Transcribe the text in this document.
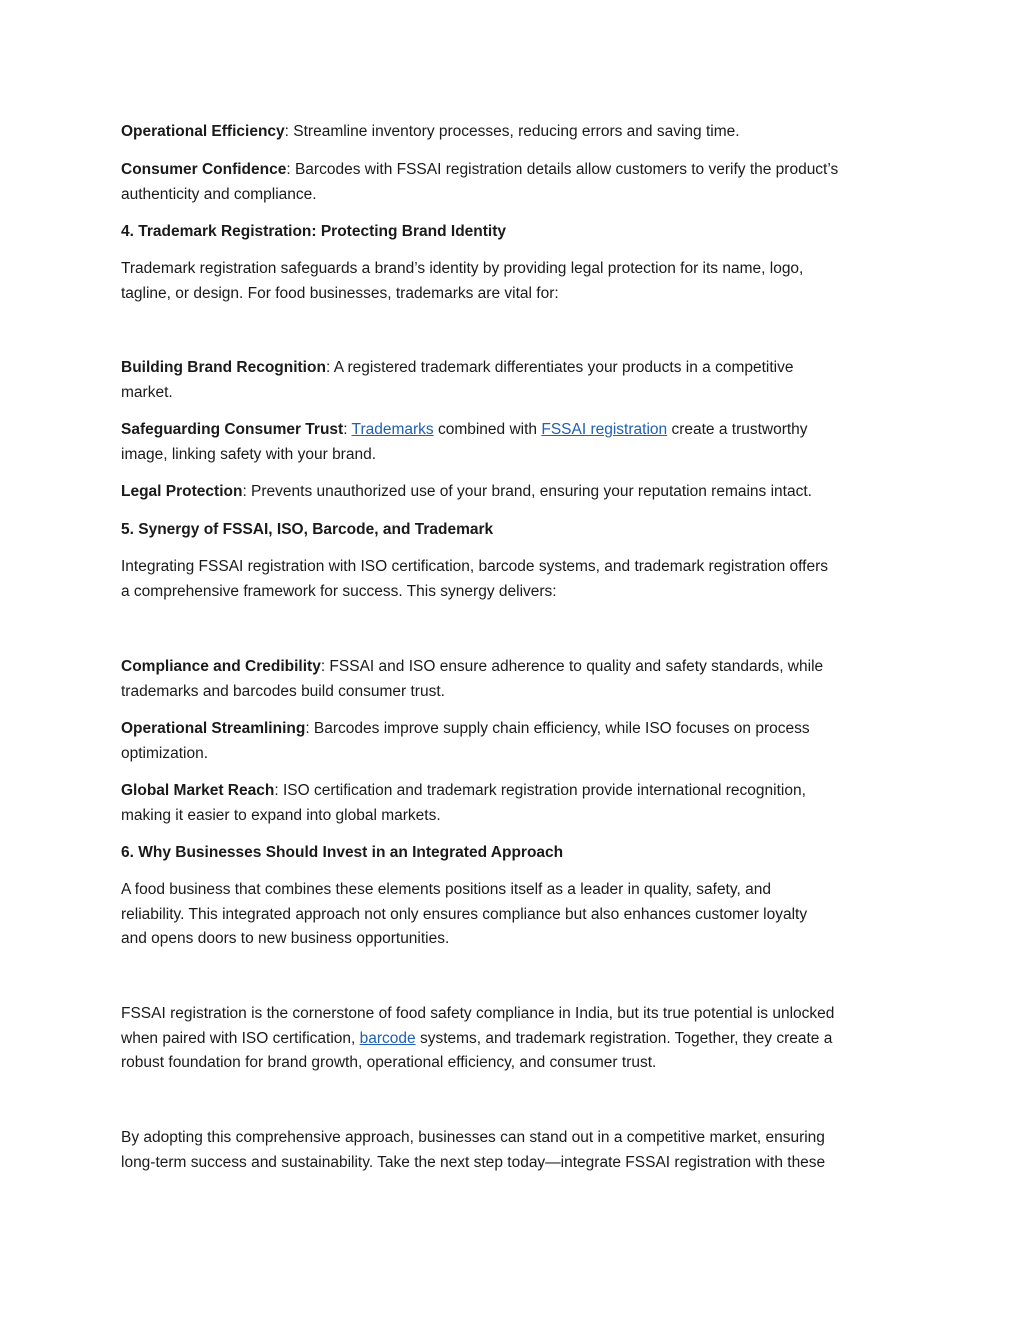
Operational Efficiency: Streamline inventory processes, reducing errors and saving time.
Consumer Confidence: Barcodes with FSSAI registration details allow customers to verify the product’s
authenticity and compliance.
4. Trademark Registration: Protecting Brand Identity
Trademark registration safeguards a brand’s identity by providing legal protection for its name, logo,
tagline, or design. For food businesses, trademarks are vital for:
Building Brand Recognition: A registered trademark differentiates your products in a competitive
market.
Safeguarding Consumer Trust: Trademarks combined with FSSAI registration create a trustworthy
image, linking safety with your brand.
Legal Protection: Prevents unauthorized use of your brand, ensuring your reputation remains intact.
5. Synergy of FSSAI, ISO, Barcode, and Trademark
Integrating FSSAI registration with ISO certification, barcode systems, and trademark registration offers
a comprehensive framework for success. This synergy delivers:
Compliance and Credibility: FSSAI and ISO ensure adherence to quality and safety standards, while
trademarks and barcodes build consumer trust.
Operational Streamlining: Barcodes improve supply chain efficiency, while ISO focuses on process
optimization.
Global Market Reach: ISO certification and trademark registration provide international recognition,
making it easier to expand into global markets.
6. Why Businesses Should Invest in an Integrated Approach
A food business that combines these elements positions itself as a leader in quality, safety, and
reliability. This integrated approach not only ensures compliance but also enhances customer loyalty
and opens doors to new business opportunities.
FSSAI registration is the cornerstone of food safety compliance in India, but its true potential is unlocked
when paired with ISO certification, barcode systems, and trademark registration. Together, they create a
robust foundation for brand growth, operational efficiency, and consumer trust.
By adopting this comprehensive approach, businesses can stand out in a competitive market, ensuring
long-term success and sustainability. Take the next step today—integrate FSSAI registration with these
